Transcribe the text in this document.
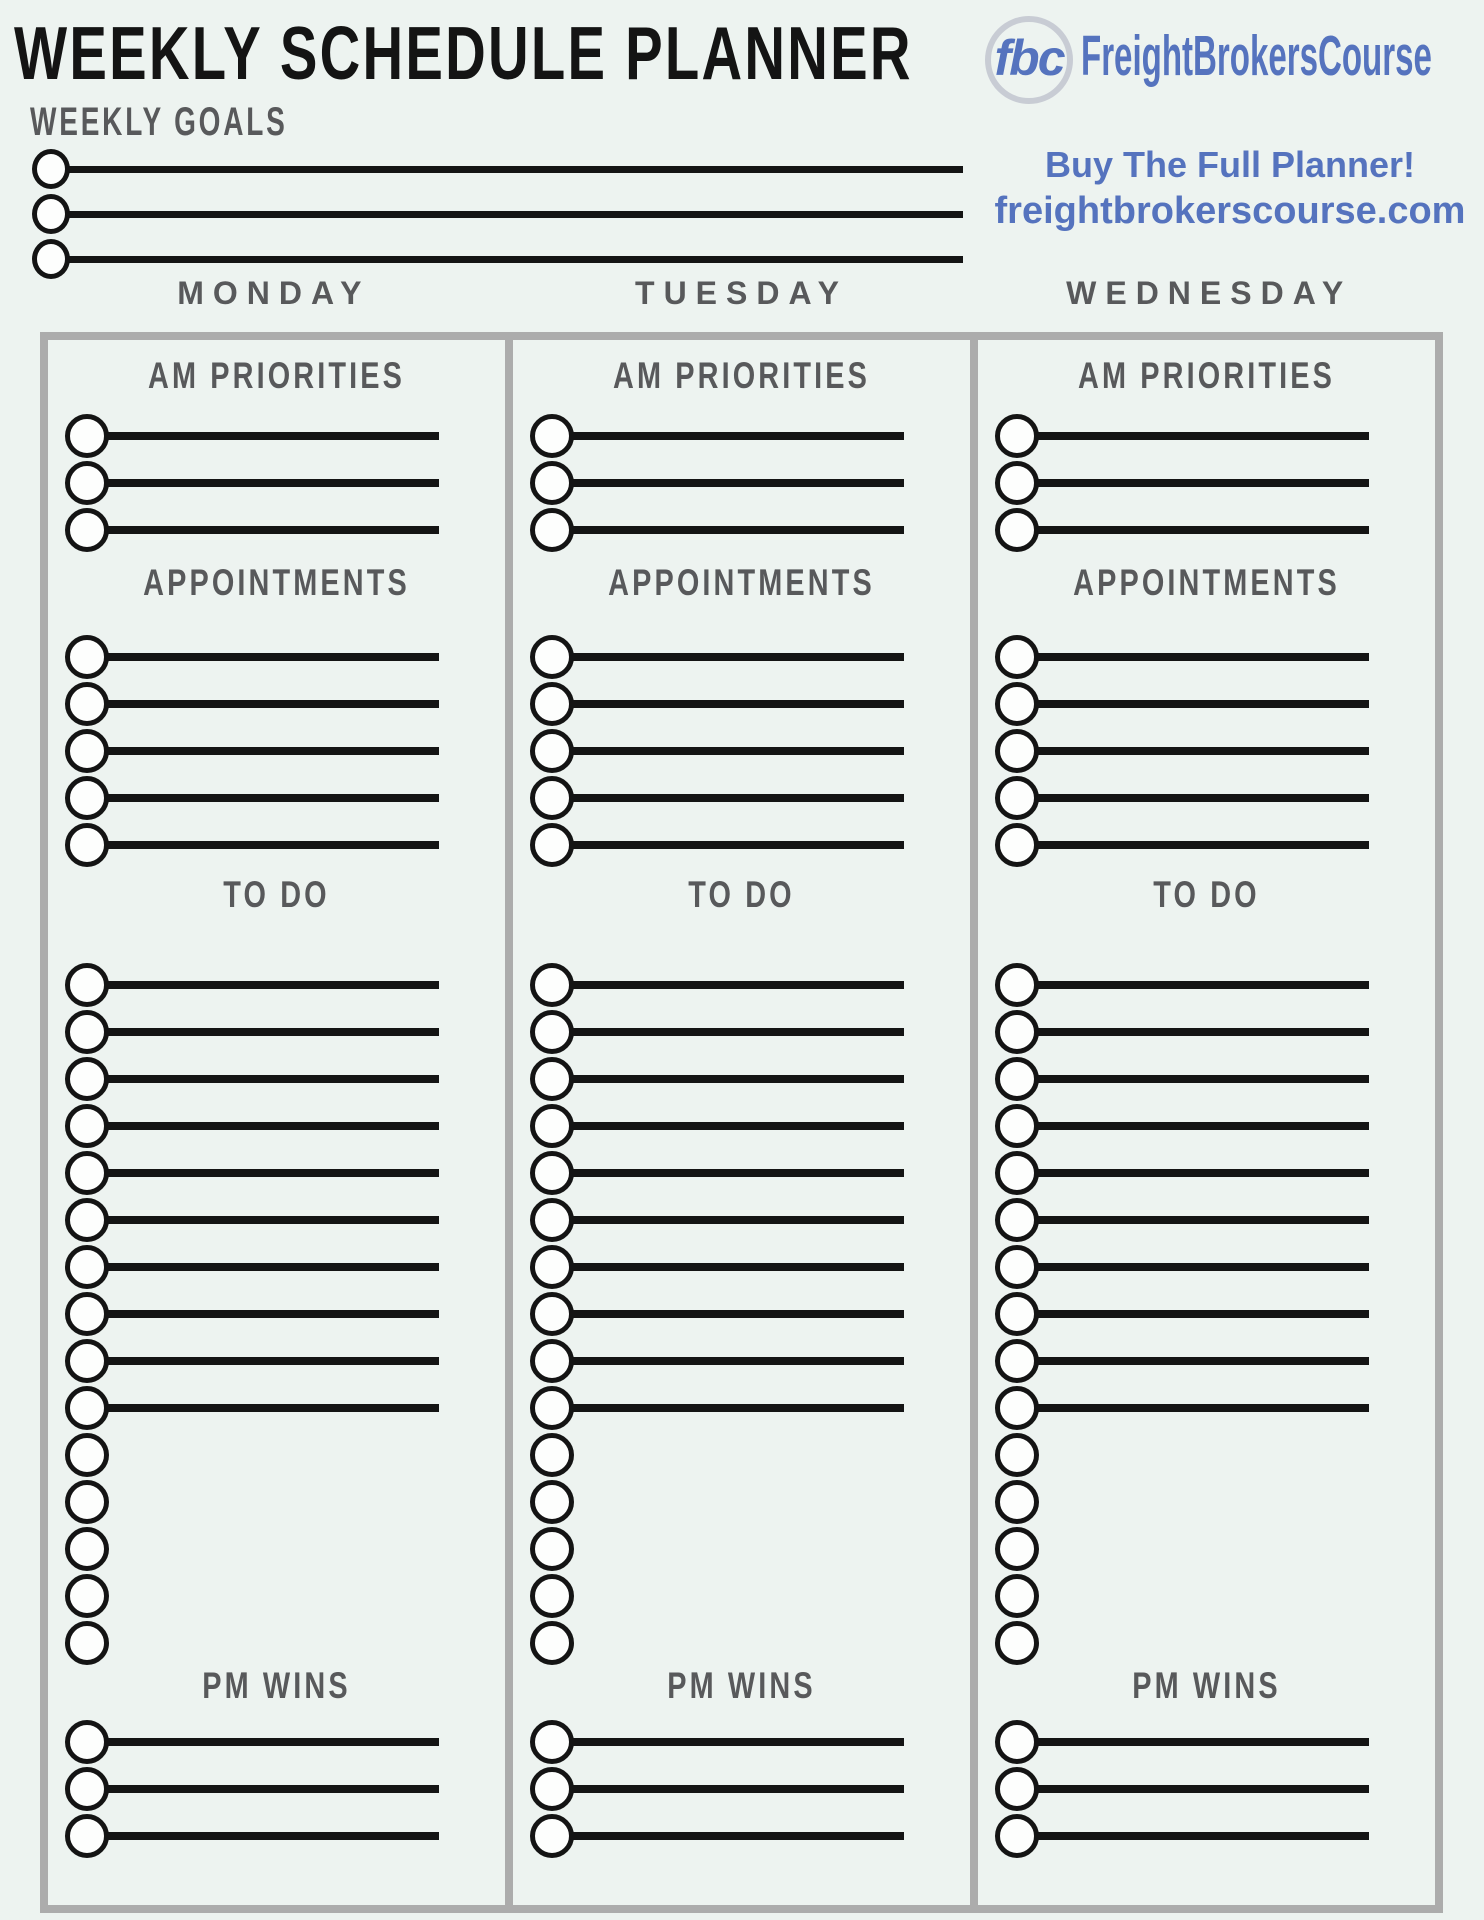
WEEKLY SCHEDULE PLANNER fbc FreightBrokersCourse
Buy The Full Planner!
freightbrokerscourse.com
WEEKLY GOALS
MONDAY	TUESDAY	WEDNESDAY
AM PRIORITIES
APPOINTMENTS
TO DO
PM WINS
AM PRIORITIES
APPOINTMENTS
TO DO
PM WINS
AM PRIORITIES
APPOINTMENTS
TO DO
PM WINS
